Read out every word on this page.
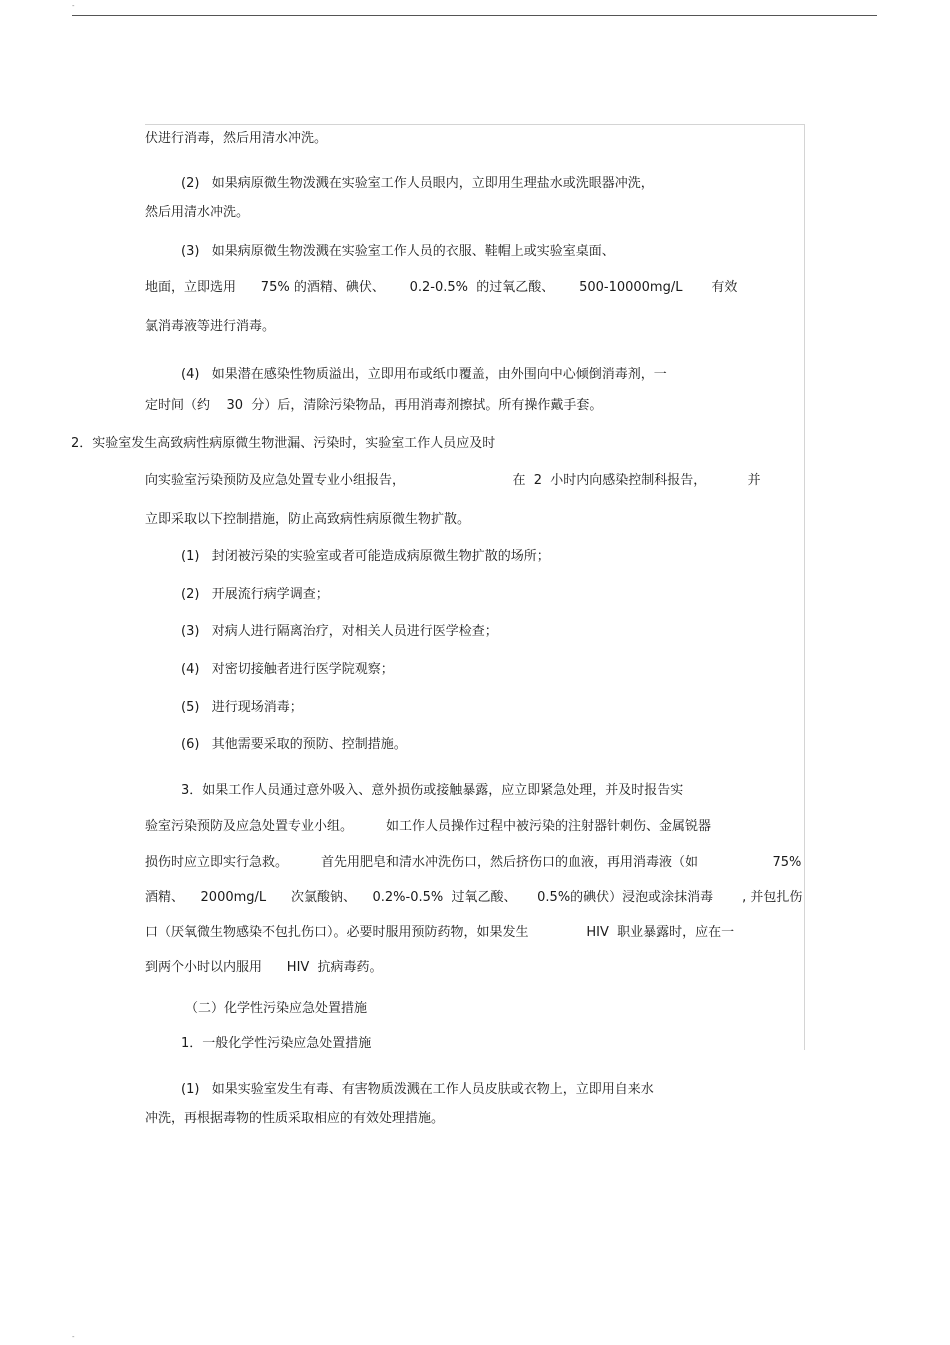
-
伏进行消毒，然后用清水冲洗。
(2)   如果病原微生物泼溅在实验室工作人员眼内，立即用生理盐水或洗眼器冲洗，
然后用清水冲洗。
(3)   如果病原微生物泼溅在实验室工作人员的衣服、鞋帽上或实验室桌面、
地面，立即选用      75% 的酒精、碘伏、      0.2-0.5%  的过氧乙酸、      500-10000mg/L       有效
氯消毒液等进行消毒。
(4)   如果潜在感染性物质溢出，立即用布或纸巾覆盖，由外围向中心倾倒消毒剂，一
定时间（约    30  分）后，清除污染物品，再用消毒剂擦拭。所有操作戴手套。
2．实验室发生高致病性病原微生物泄漏、污染时，实验室工作人员应及时
向实验室污染预防及应急处置专业小组报告，                          在  2  小时内向感染控制科报告，          并
立即采取以下控制措施，防止高致病性病原微生物扩散。
(1)   封闭被污染的实验室或者可能造成病原微生物扩散的场所；
(2)   开展流行病学调查；
(3)   对病人进行隔离治疗，对相关人员进行医学检查；
(4)   对密切接触者进行医学院观察；
(5)   进行现场消毒；
(6)   其他需要采取的预防、控制措施。
3．如果工作人员通过意外吸入、意外损伤或接触暴露，应立即紧急处理，并及时报告实
验室污染预防及应急处置专业小组。        如工作人员操作过程中被污染的注射器针刺伤、金属锐器
损伤时应立即实行急救。        首先用肥皂和清水冲洗伤口，然后挤伤口的血液，再用消毒液（如                  75%
酒精、    2000mg/L      次氯酸钠、    0.2%-0.5%  过氧乙酸、     0.5%的碘伏）浸泡或涂抹消毒       , 并包扎伤
口（厌氧微生物感染不包扎伤口）。必要时服用预防药物，如果发生              HIV  职业暴露时，应在一
到两个小时以内服用      HIV  抗病毒药。
（二）化学性污染应急处置措施
1．一般化学性污染应急处置措施
(1)   如果实验室发生有毒、有害物质泼溅在工作人员皮肤或衣物上，立即用自来水
冲洗，再根据毒物的性质采取相应的有效处理措施。
-
